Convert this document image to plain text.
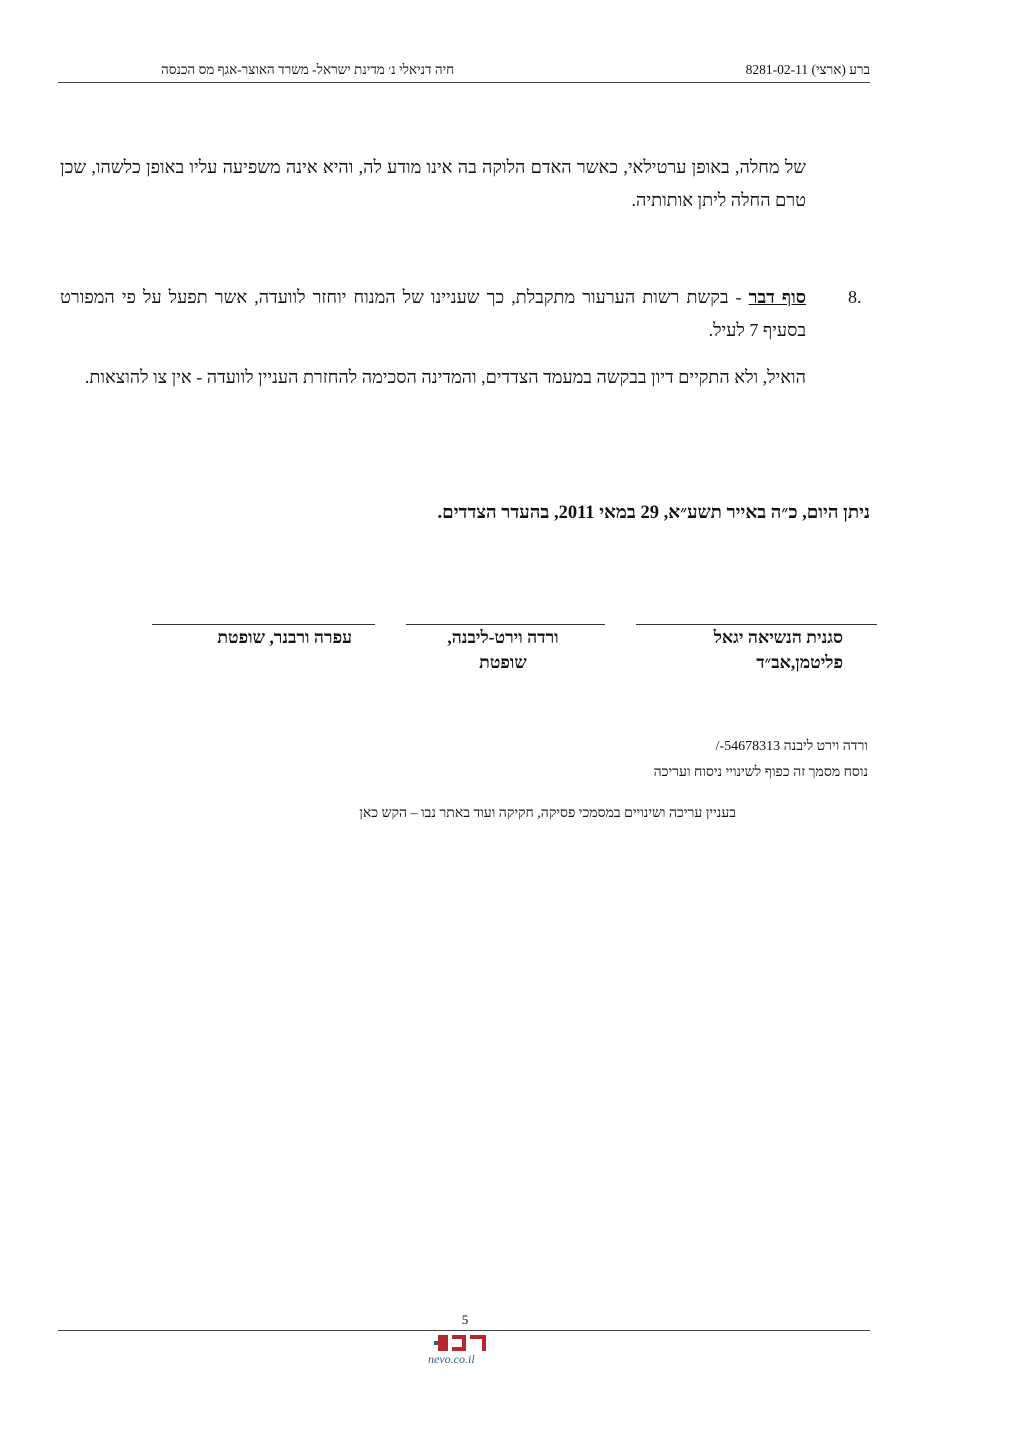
חיה דניאלי נ׳ מדינת ישראל- משרד האוצר-אגף מס הכנסה	ברע (ארצי) 8281-02-11
של מחלה, באופן ערטילאי, כאשר האדם הלוקה בה אינו מודע לה, והיא אינה משפיעה עליו באופן כלשהו, שכן טרם החלה ליתן אותותיה.
8.
סוף דבר - בקשת רשות הערעור מתקבלת, כך שעניינו של המנוח יוחזר לוועדה, אשר תפעל על פי המפורט בסעיף 7 לעיל.
הואיל, ולא התקיים דיון בבקשה במעמד הצדדים, והמדינה הסכימה להחזרת העניין לוועדה - אין צו להוצאות.
ניתן היום, כ״ה באייר תשע״א, 29 במאי 2011, בהעדר הצדדים.
סגנית הנשיאה יגאל
פליטמן,אב״ד
ורדה וירט-ליבנה,
שופטת
עפרה ורבנר, שופטת
ורדה וירט ליבנה 54678313-/
נוסח מסמך זה כפוף לשינויי ניסוח ועריכה
בעניין עריכה ושינויים במסמכי פסיקה, חקיקה ועוד באתר נבו – הקש כאן
5
nevo.co.il
